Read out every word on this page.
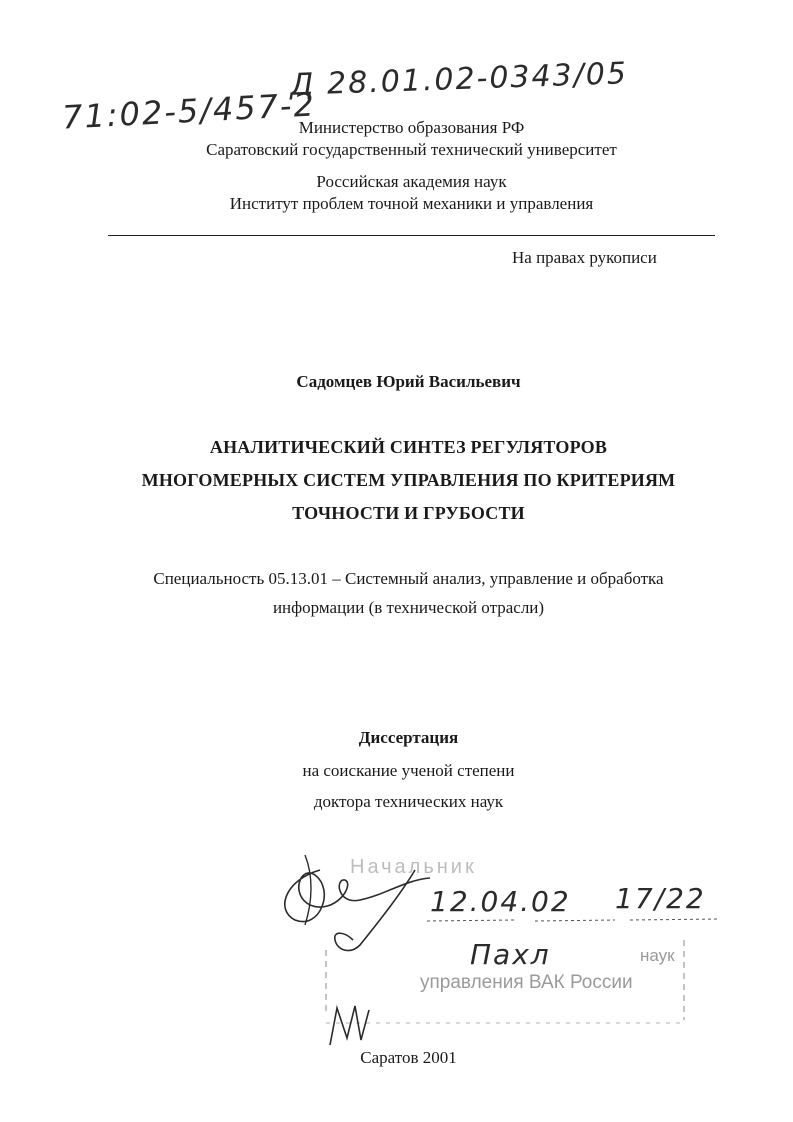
Д 28.01.02-0343/05
71:02-5/457-2
Министерство образования РФ
Саратовский государственный технический университет
Российская академия наук
Институт проблем точной механики и управления
На правах рукописи
Садомцев Юрий Васильевич
АНАЛИТИЧЕСКИЙ СИНТЕЗ РЕГУЛЯТОРОВ
МНОГОМЕРНЫХ СИСТЕМ УПРАВЛЕНИЯ ПО КРИТЕРИЯМ
ТОЧНОСТИ И ГРУБОСТИ
Специальность 05.13.01 – Системный анализ, управление и обработка
информации (в технической отрасли)
Диссертация
на соискание ученой степени
доктора технических наук
Начальник
наук
управления ВАК России
12.04.02 17/22
Пахл
Саратов 2001
